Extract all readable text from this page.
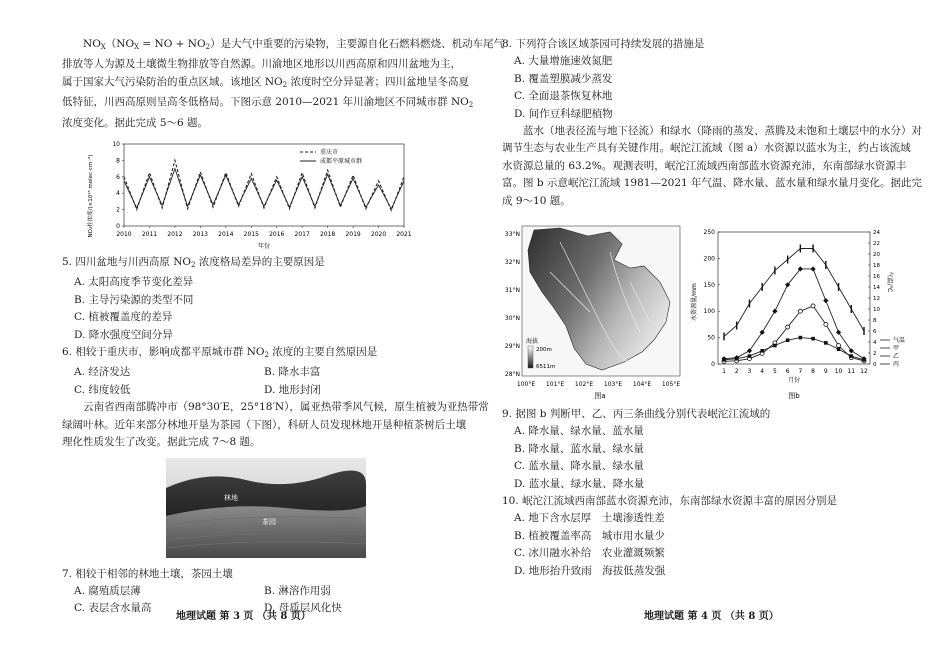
$NO_X(NO_X$ = NO + $NO_2$）是大气中重要的污染物，主要源自化石燃料燃烧、机动车尾气

排放等人为源及土壤微生物排放等自然源。川渝地区地形以川西高原和四川盆地为主，

属于国家大气污染防治的重点区域。该地区 $NO_2$ 浓度时空分异显著；四川盆地呈冬高夏

低特征，川西高原则呈高冬低格局。下图示意 2010—2021 年川渝地区不同城市群 $NO_2$

浓度变化。据此完成 5～6 题。

NO₂柱浓度/(×10¹⁵ molec·cm⁻²)
10
8
6
4
2
0
2010 2011 2012 2013 2014 2015 2016 2017 2018 2019 2020 2021
重庆市
成都平原城市群
年份

5. 四川盆地与川西高原 $NO_2$ 浓度格局差异的主要原因是

A. 太阳高度季节变化差异

B. 主导污染源的类型不同

C. 植被覆盖度的差异

D. 降水强度空间分异

6. 相较于重庆市，影响成都平原城市群 $NO_2$ 浓度的主要自然原因是

A. 经济发达	B. 降水丰富
C. 纬度较低	D. 地形封闭

云南省西南部腾冲市（98°30′E，25°18′N），属亚热带季风气候，原生植被为亚热带常

绿阔叶林。近年来部分林地开垦为茶园（下图），科研人员发现林地开垦种植茶树后土壤

理化性质发生了改变。据此完成 7～8 题。

林地
茶园

7. 相较于相邻的林地土壤，茶园土壤

A. 腐殖质层薄	B. 淋溶作用弱
C. 表层含水量高	D. 母质层风化快
地理试题 第 3 页 （共 8 页）

8. 下列符合该区域茶园可持续发展的措施是

A. 大量增施速效氮肥

B. 覆盖塑膜减少蒸发

C. 全面退茶恢复林地

D. 间作豆科绿肥植物

蓝水（地表径流与地下径流）和绿水（降雨的蒸发、蒸腾及未饱和土壤层中的水分）对

调节生态与农业生产具有关键作用。岷沱江流域（图 a）水资源以蓝水为主，约占该流域

水资源总量的 63.2%。观测表明，岷沱江流域西南部蓝水资源充沛，东南部绿水资源丰

富。图 b 示意岷沱江流域 1981—2021 年气温、降水量、蓝水量和绿水量月变化。据此完

成 9～10 题。

33°N
32°N
31°N
30°N
29°N
28°N
100°E 101°E 102°E 103°E 104°E 105°E
海拔
200m
6511m
图a
水资源量/mm
气温/℃
250
200
150
100
50
0
24
22
20
18
16
14
12
10
8
6
4
2
0
1 2 3 4 5 6 7 8 9 10 11 12
月份
图b
气温
甲
乙
丙

9. 据图 b 判断甲、乙、丙三条曲线分别代表岷沱江流域的

A. 降水量、绿水量、蓝水量

B. 降水量、蓝水量、绿水量

C. 蓝水量、降水量、绿水量

D. 蓝水量、绿水量、降水量

10. 岷沱江流域西南部蓝水资源充沛，东南部绿水资源丰富的原因分别是

A. 地下含水层厚　土壤渗透性差

B. 植被覆盖率高　城市用水量少

C. 冰川融水补给　农业灌溉频繁

D. 地形抬升致雨　海拔低蒸发强

地理试题 第 4 页 （共 8 页）
